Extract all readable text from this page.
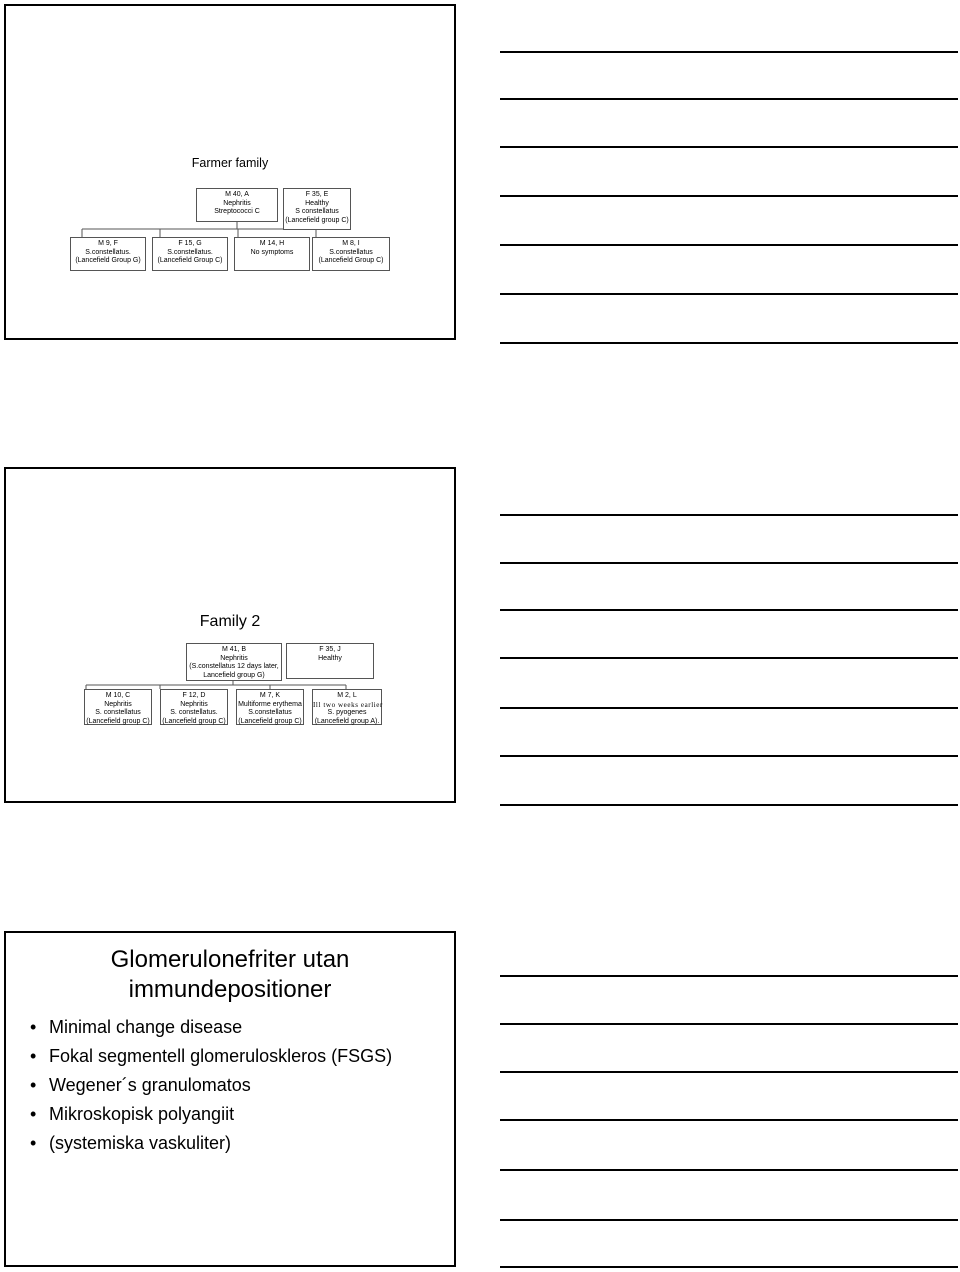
Farmer family
M 40, A
Nephritis
Streptococci C
F 35, E
Healthy
S constellatus
(Lancefield group C)
M 9, F
S.constellatus.
(Lancefield Group G)
F 15, G
S.constellatus.
(Lancefield Group C)
M 14, H
No symptoms
M 8, I
S.constellatus
(Lancefield Group C)
Family 2
M 41, B
Nephritis
(S.constellatus 12 days later,
Lancefield group G)
F 35, J
Healthy
M 10, C
Nephritis
S. constellatus
(Lancefield group C)
F 12, D
Nephritis
S. constellatus.
(Lancefield group C)
M 7, K
Multiforme erythema
S.constellatus
(Lancefield group C)
M 2, L
Ill two weeks earlier
S. pyogenes
(Lancefield group A).
Glomerulonefriter utan
immundepositioner
• Minimal change disease
• Fokal segmentell glomeruloskleros (FSGS)
• Wegener´s granulomatos
• Mikroskopisk polyangiit
• (systemiska vaskuliter)
